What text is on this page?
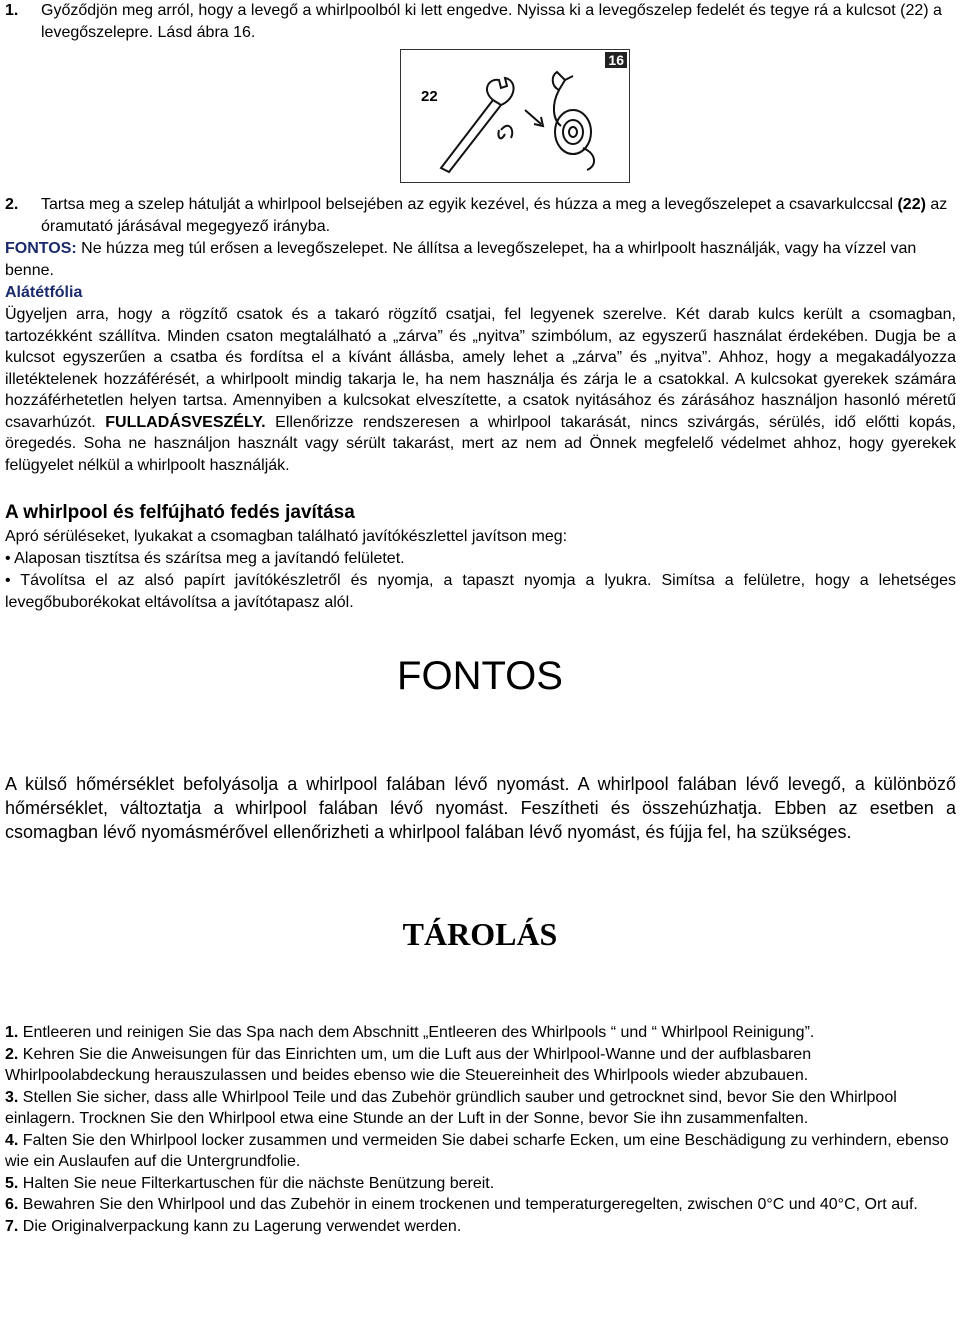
1.	Győződjön meg arról, hogy a levegő a whirlpoolból ki lett engedve. Nyissa ki a levegőszelep fedelét és tegye rá a kulcsot (22) a levegőszelepre. Lásd ábra 16.
16
22
2.	Tartsa meg a szelep hátulját a whirlpool belsejében az egyik kezével, és húzza a meg a levegőszelepet a csavarkulccsal (22) az óramutató járásával megegyező irányba.
FONTOS: Ne húzza meg túl erősen a levegőszelepet. Ne állítsa a levegőszelepet, ha a whirlpoolt használják, vagy ha vízzel van benne.
Alátétfólia
Ügyeljen arra, hogy a rögzítő csatok és a takaró rögzítő csatjai, fel legyenek szerelve. Két darab kulcs került a csomagban, tartozékként szállítva. Minden csaton megtalálható a „zárva” és „nyitva” szimbólum, az egyszerű használat érdekében. Dugja be a kulcsot egyszerűen a csatba és fordítsa el a kívánt állásba, amely lehet a „zárva” és „nyitva”. Ahhoz, hogy a megakadályozza illetéktelenek hozzáférését, a whirlpoolt mindig takarja le, ha nem használja és zárja le a csatokkal. A kulcsokat gyerekek számára hozzáférhetetlen helyen tartsa. Amennyiben a kulcsokat elveszítette, a csatok nyitásához és zárásához használjon hasonló méretű csavarhúzót. FULLADÁSVESZÉLY. Ellenőrizze rendszeresen a whirlpool takarását, nincs szivárgás, sérülés, idő előtti kopás, öregedés. Soha ne használjon használt vagy sérült takarást, mert az nem ad Önnek megfelelő védelmet ahhoz, hogy gyerekek felügyelet nélkül a whirlpoolt használják.
A whirlpool és felfújható fedés javítása
Apró sérüléseket, lyukakat a csomagban található javítókészlettel javítson meg:
• Alaposan tisztítsa és szárítsa meg a javítandó felületet.
• Távolítsa el az alsó papírt javítókészletről és nyomja, a tapaszt nyomja a lyukra. Simítsa a felületre, hogy a lehetséges levegőbuborékokat eltávolítsa a javítótapasz alól.
FONTOS
A külső hőmérséklet befolyásolja a whirlpool falában lévő nyomást. A whirlpool falában lévő levegő, a különböző hőmérséklet, változtatja a whirlpool falában lévő nyomást. Feszítheti és összehúzhatja. Ebben az esetben a csomagban lévő nyomásmérővel ellenőrizheti a whirlpool falában lévő nyomást, és fújja fel, ha szükséges.
TÁROLÁS
1. Entleeren und reinigen Sie das Spa nach dem Abschnitt „Entleeren des Whirlpools “ und “ Whirlpool Reinigung”.
2. Kehren Sie die Anweisungen für das Einrichten um, um die Luft aus der Whirlpool-Wanne und der aufblasbaren Whirlpoolabdeckung herauszulassen und beides ebenso wie die Steuereinheit des Whirlpools wieder abzubauen.
3. Stellen Sie sicher, dass alle Whirlpool Teile und das Zubehör gründlich sauber und getrocknet sind, bevor Sie den Whirlpool einlagern. Trocknen Sie den Whirlpool etwa eine Stunde an der Luft in der Sonne, bevor Sie ihn zusammenfalten.
4. Falten Sie den Whirlpool locker zusammen und vermeiden Sie dabei scharfe Ecken, um eine Beschädigung zu verhindern, ebenso wie ein Auslaufen auf die Untergrundfolie.
5. Halten Sie neue Filterkartuschen für die nächste Benützung bereit.
6. Bewahren Sie den Whirlpool und das Zubehör in einem trockenen und temperaturgeregelten, zwischen 0°C und 40°C, Ort auf.
7. Die Originalverpackung kann zu Lagerung verwendet werden.
